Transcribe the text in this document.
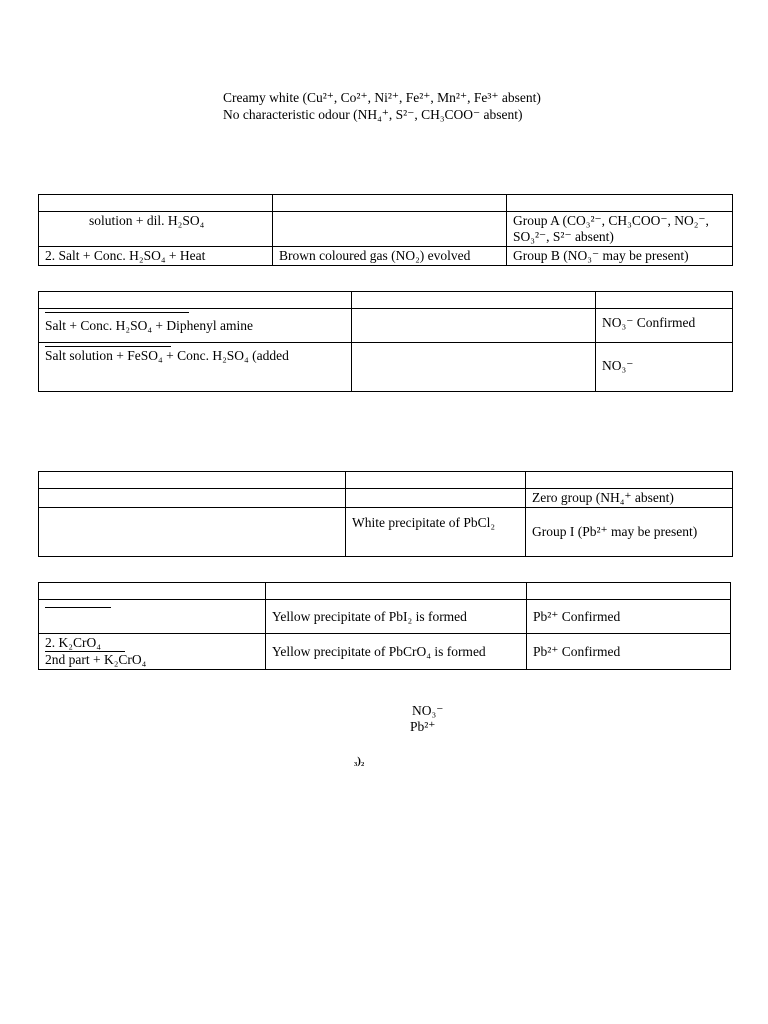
Creamy white (Cu²⁺, Co²⁺, Ni²⁺, Fe²⁺, Mn²⁺, Fe³⁺ absent)
No characteristic odour (NH₄⁺, S²⁻, CH₃COO⁻ absent)

solution + dil. H₂SO₄		Group A (CO₃²⁻, CH₃COO⁻, NO₂⁻, SO₃²⁻, S²⁻ absent)
2. Salt + Conc. H₂SO₄ + Heat	Brown coloured gas (NO₂) evolved	Group B (NO₃⁻ may be present)

Salt + Conc. H₂SO₄ + Diphenyl amine		NO₃⁻ Confirmed

Salt solution + FeSO₄ + Conc. H₂SO₄ (added		NO₃⁻

		Zero group (NH₄⁺ absent)
	White precipitate of PbCl₂	Group I (Pb²⁺ may be present)

	Yellow precipitate of PbI₂ is formed	Pb²⁺ Confirmed
2. K₂CrO₄
2nd part + K₂CrO₄	Yellow precipitate of PbCrO₄ is formed	Pb²⁺ Confirmed
NO₃⁻
Pb²⁺
₃)₂
